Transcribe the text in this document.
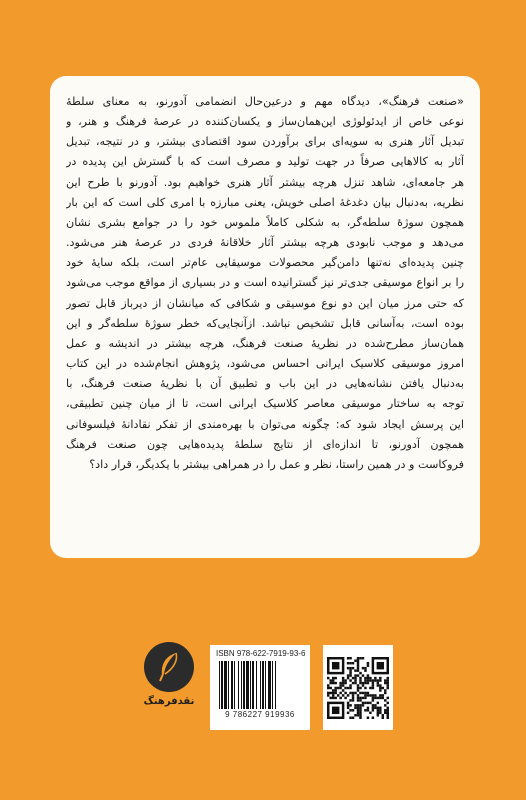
«صنعت فرهنگ»، دیدگاه مهم و درعین‌حال انضمامی آدورنو، به معنای سلطهٔ
نوعی خاص از ایدئولوژی این‌همان‌ساز و یکسان‌کننده در عرصهٔ فرهنگ و هنر، و
تبدیل آثار هنری به سویه‌ای برای برآوردن سود اقتصادی بیشتر، و در نتیجه، تبدیل
آثار به کالاهایی صرفاً در جهت تولید و مصرف است که با گسترش این پدیده در
هر جامعه‌ای، شاهد تنزل هرچه بیشتر آثار هنری خواهیم بود. آدورنو با طرح این
نظریه، به‌دنبال بیان دغدغهٔ اصلی خویش، یعنی مبارزه با امری کلی است که این بار
همچون سوژهٔ سلطه‌گر، به شکلی کاملاً ملموس خود را در جوامع بشری نشان
می‌دهد و موجب نابودی هرچه بیشتر آثار خلاقانهٔ فردی در عرصهٔ هنر می‌شود.
چنین پدیده‌ای نه‌تنها دامن‌گیر محصولات موسیقایی عام‌تر است، بلکه سایهٔ خود
را بر انواع موسیقی جدی‌تر نیز گسترانیده است و در بسیاری از مواقع موجب می‌شود
که حتی مرز میان این دو نوع موسیقی و شکافی که میانشان از دیرباز قابل تصور
بوده است، به‌آسانی قابل تشخیص نباشد. ازآنجایی‌که خطر سوژهٔ سلطه‌گر و این
همان‌ساز مطرح‌شده در نظریهٔ صنعت فرهنگ، هرچه بیشتر در اندیشه و عمل
امروز موسیقی کلاسیک ایرانی احساس می‌شود، پژوهش انجام‌شده در این کتاب
به‌دنبال یافتن نشانه‌هایی در این باب و تطبیق آن با نظریهٔ صنعت فرهنگ، با
توجه به ساختار موسیقی معاصر کلاسیک ایرانی است، تا از میان چنین تطبیقی،
این پرسش ایجاد شود که: چگونه می‌توان با بهره‌مندی از تفکر نقادانهٔ فیلسوفانی
همچون آدورنو، تا اندازه‌ای از نتایج سلطهٔ پدیده‌هایی چون صنعت فرهنگ
فروکاست و در همین راستا، نظر و عمل را در همراهی بیشتر با یکدیگر، قرار داد؟

نقدفرهنگ
ISBN 978-622-7919-93-6
9 786227 919936
